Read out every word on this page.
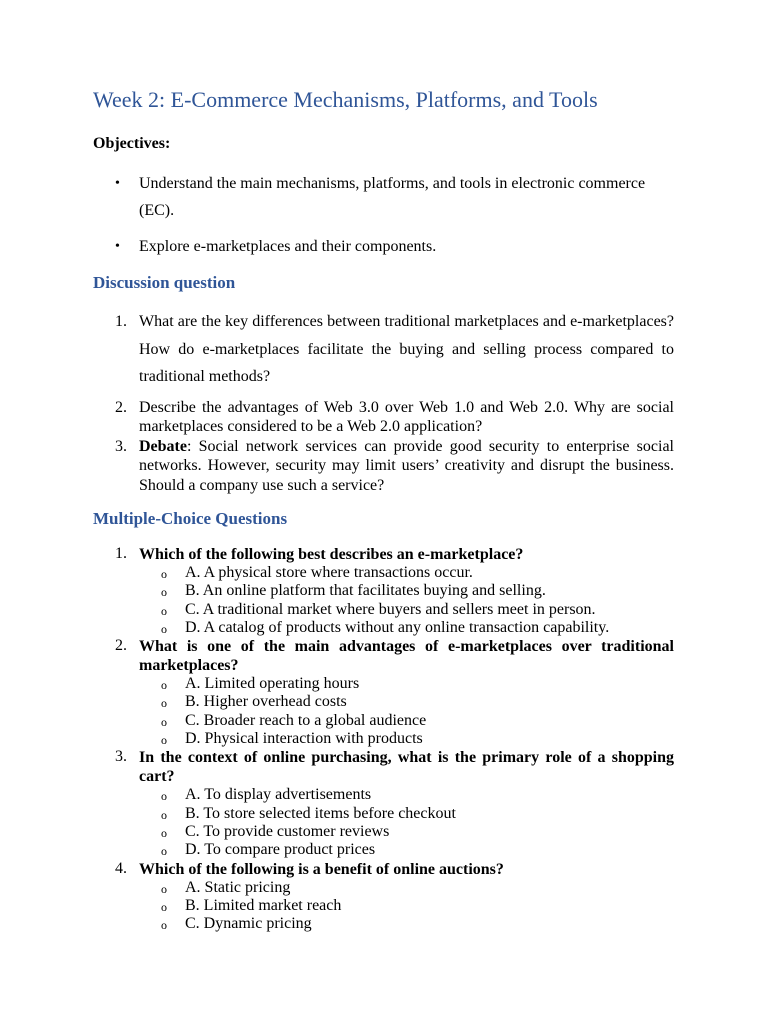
Week 2: E-Commerce Mechanisms, Platforms, and Tools

Objectives:

• Understand the main mechanisms, platforms, and tools in electronic commerce (EC).
• Explore e-marketplaces and their components.
Discussion question
1. What are the key differences between traditional marketplaces and e-marketplaces? How do e-marketplaces facilitate the buying and selling process compared to traditional methods?
2. Describe the advantages of Web 3.0 over Web 1.0 and Web 2.0. Why are social marketplaces considered to be a Web 2.0 application?
3. Debate: Social network services can provide good security to enterprise social networks. However, security may limit users’ creativity and disrupt the business. Should a company use such a service?
Multiple-Choice Questions
1. Which of the following best describes an e-marketplace?
o A. A physical store where transactions occur.
o B. An online platform that facilitates buying and selling.
o C. A traditional market where buyers and sellers meet in person.
o D. A catalog of products without any online transaction capability.
2. What is one of the main advantages of e-marketplaces over traditional marketplaces?
o A. Limited operating hours
o B. Higher overhead costs
o C. Broader reach to a global audience
o D. Physical interaction with products
3. In the context of online purchasing, what is the primary role of a shopping cart?
o A. To display advertisements
o B. To store selected items before checkout
o C. To provide customer reviews
o D. To compare product prices
4. Which of the following is a benefit of online auctions?
o A. Static pricing
o B. Limited market reach
o C. Dynamic pricing
